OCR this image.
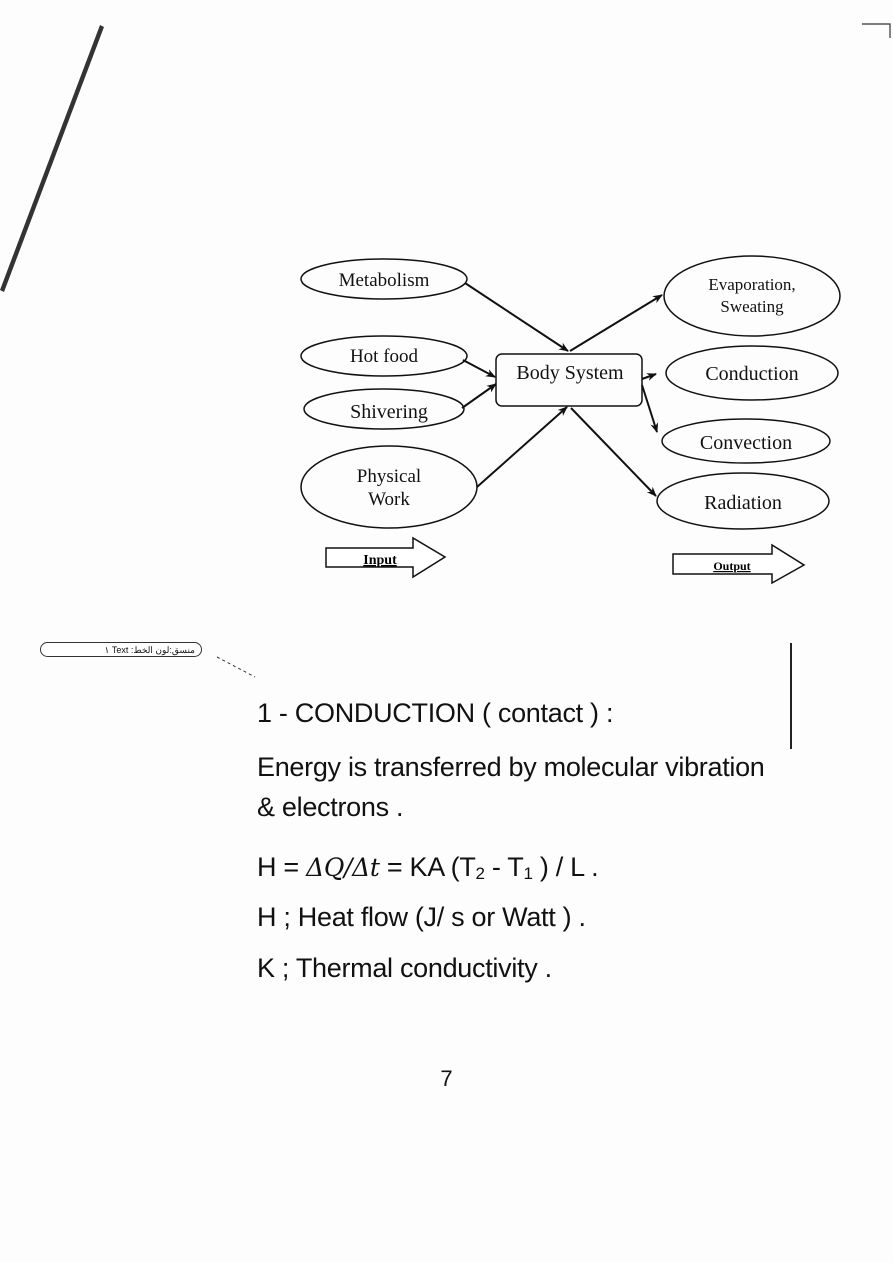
Metabolism
Hot food
Shivering
Physical
Work
Body System
Evaporation,
Sweating
Conduction
Convection
Radiation
Input	Output
منسق:لون الخط: Text ١
1 - CONDUCTION ( contact ) :
Energy is transferred by molecular vibration
& electrons .
H = ΔQ/Δt = KA (T2 - T1 ) / L .
H ; Heat flow (J/ s or Watt ) .
K ; Thermal conductivity .
7
